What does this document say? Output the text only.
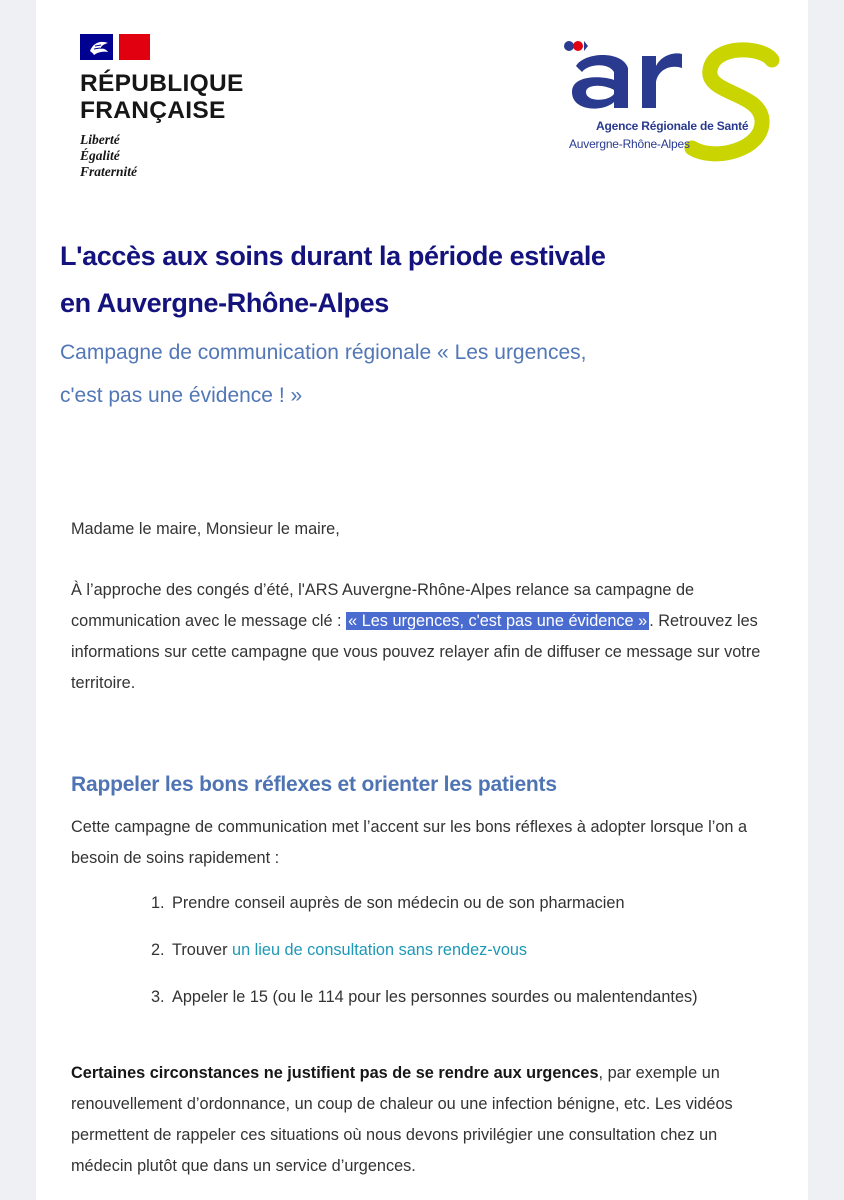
RÉPUBLIQUE
FRANÇAISE
Liberté
Égalité
Fraternité
Agence Régionale de Santé
Auvergne-Rhône-Alpes
L'accès aux soins durant la période estivale
en Auvergne-Rhône-Alpes
Campagne de communication régionale « Les urgences,
c'est pas une évidence ! »
Madame le maire, Monsieur le maire,
À l’approche des congés d’été, l'ARS Auvergne-Rhône-Alpes relance sa campagne de communication avec le message clé : « Les urgences, c'est pas une évidence » . Retrouvez les informations sur cette campagne que vous pouvez relayer afin de diffuser ce message sur votre territoire.
Rappeler les bons réflexes et orienter les patients
Cette campagne de communication met l’accent sur les bons réflexes à adopter lorsque l’on a besoin de soins rapidement :
1. Prendre conseil auprès de son médecin ou de son pharmacien
2. Trouver un lieu de consultation sans rendez-vous
3. Appeler le 15 (ou le 114 pour les personnes sourdes ou malentendantes)
Certaines circonstances ne justifient pas de se rendre aux urgences, par exemple un renouvellement d’ordonnance, un coup de chaleur ou une infection bénigne, etc. Les vidéos permettent de rappeler ces situations où nous devons privilégier une consultation chez un médecin plutôt que dans un service d’urgences.
